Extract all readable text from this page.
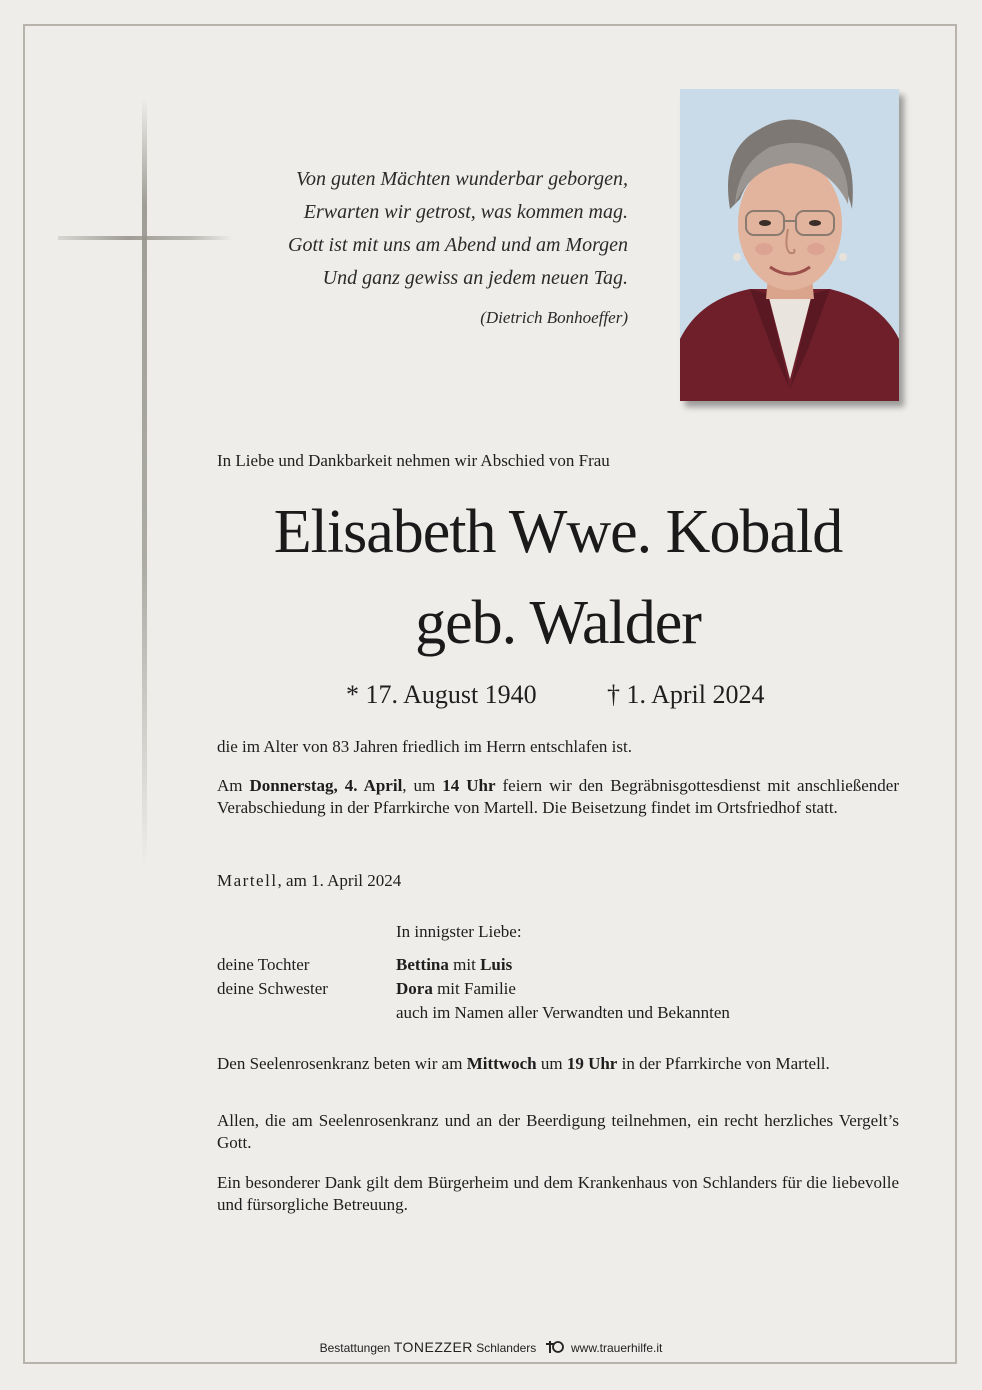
Von guten Mächten wunderbar geborgen,
Erwarten wir getrost, was kommen mag.
Gott ist mit uns am Abend und am Morgen
Und ganz gewiss an jedem neuen Tag.
(Dietrich Bonhoeffer)
In Liebe und Dankbarkeit nehmen wir Abschied von Frau
Elisabeth Wwe. Kobald
geb. Walder
* 17. August 1940	† 1. April 2024
die im Alter von 83 Jahren friedlich im Herrn entschlafen ist.
Am Donnerstag, 4. April, um 14 Uhr feiern wir den Begräbnisgottesdienst mit anschließender Verabschiedung in der Pfarrkirche von Martell. Die Beisetzung findet im Ortsfriedhof statt.
Martell, am 1. April 2024
In innigster Liebe:
deine Tochter	Bettina mit Luis
deine Schwester	Dora mit Familie
auch im Namen aller Verwandten und Bekannten
Den Seelenrosenkranz beten wir am Mittwoch um 19 Uhr in der Pfarrkirche von Martell.
Allen, die am Seelenrosenkranz und an der Beerdigung teilnehmen, ein recht herzliches Vergelt’s Gott.
Ein besonderer Dank gilt dem Bürgerheim und dem Krankenhaus von Schlanders für die liebevolle und fürsorgliche Betreuung.
Bestattungen TONEZZER Schlanders	www.trauerhilfe.it
